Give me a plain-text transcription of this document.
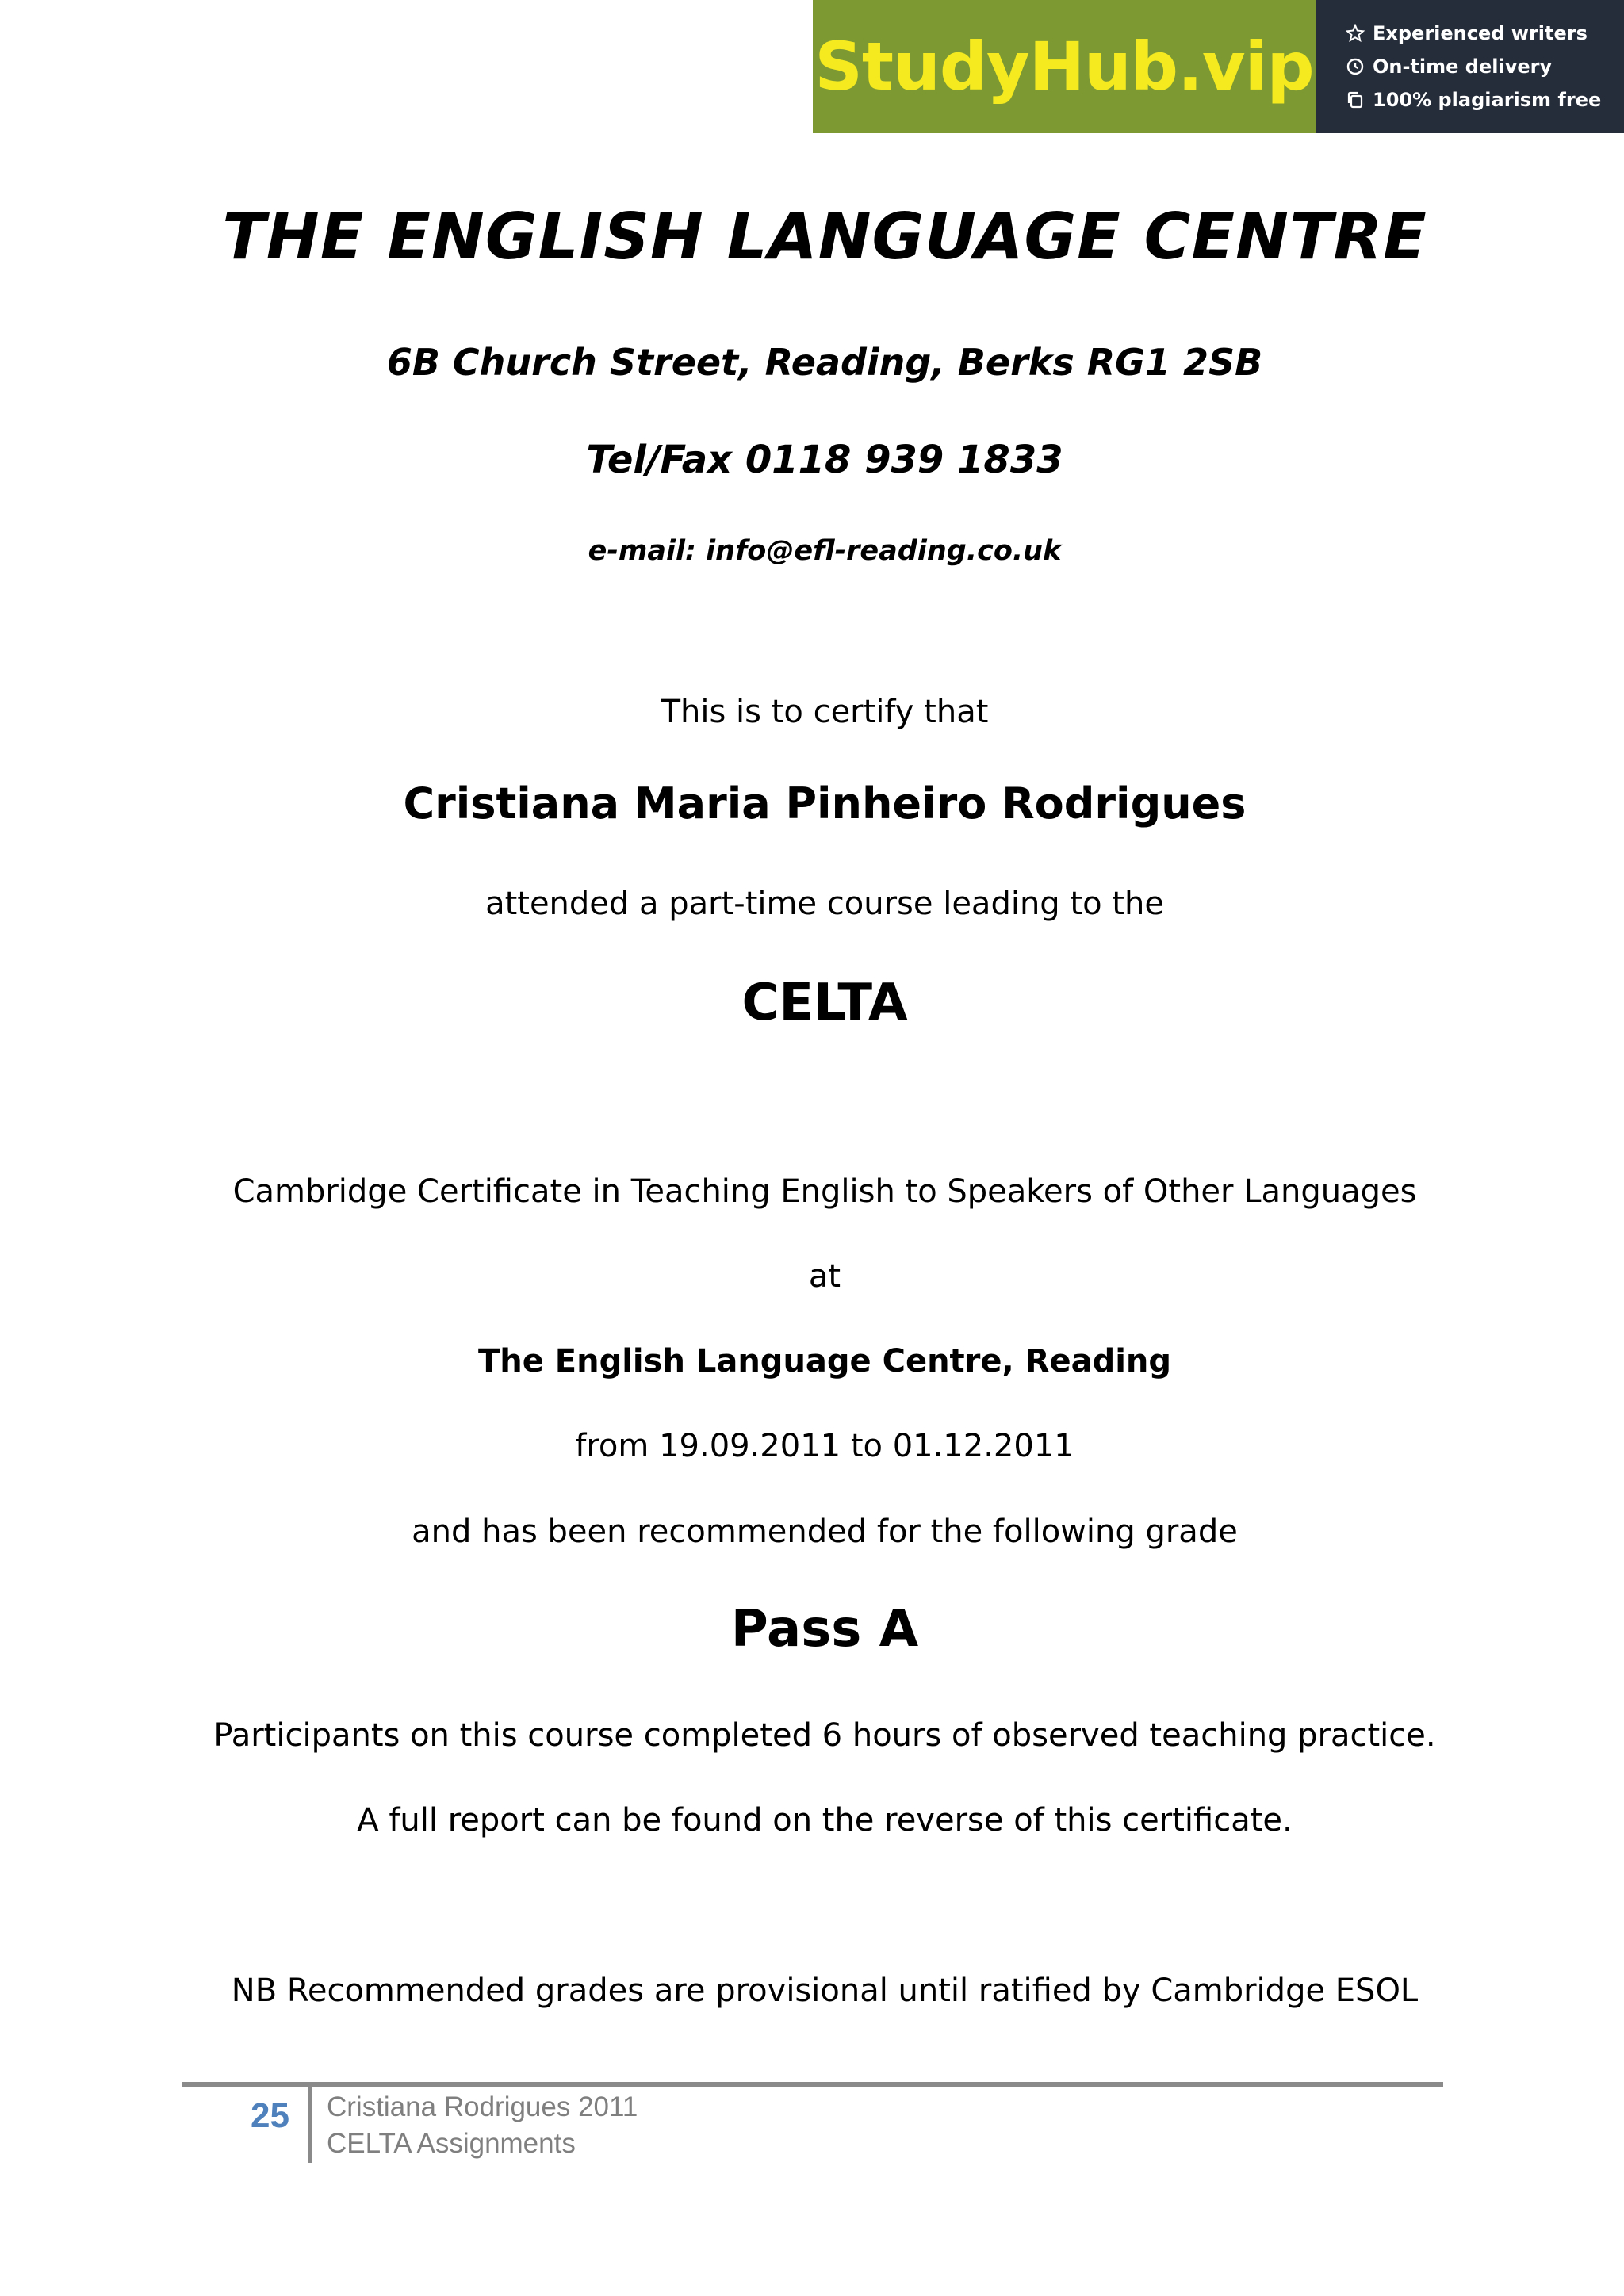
StudyHub.vip	Experienced writers
On-time delivery
100% plagiarism free
THE ENGLISH LANGUAGE CENTRE
6B Church Street, Reading, Berks RG1 2SB
Tel/Fax 0118 939 1833
e-mail: info@efl-reading.co.uk
This is to certify that
Cristiana Maria Pinheiro Rodrigues
attended a part-time course leading to the
CELTA
Cambridge Certificate in Teaching English to Speakers of Other Languages
at
The English Language Centre, Reading
from 19.09.2011 to 01.12.2011
and has been recommended for the following grade
Pass A
Participants on this course completed 6 hours of observed teaching practice.
A full report can be found on the reverse of this certificate.
NB Recommended grades are provisional until ratified by Cambridge ESOL
25 Cristiana Rodrigues 2011
CELTA Assignments
